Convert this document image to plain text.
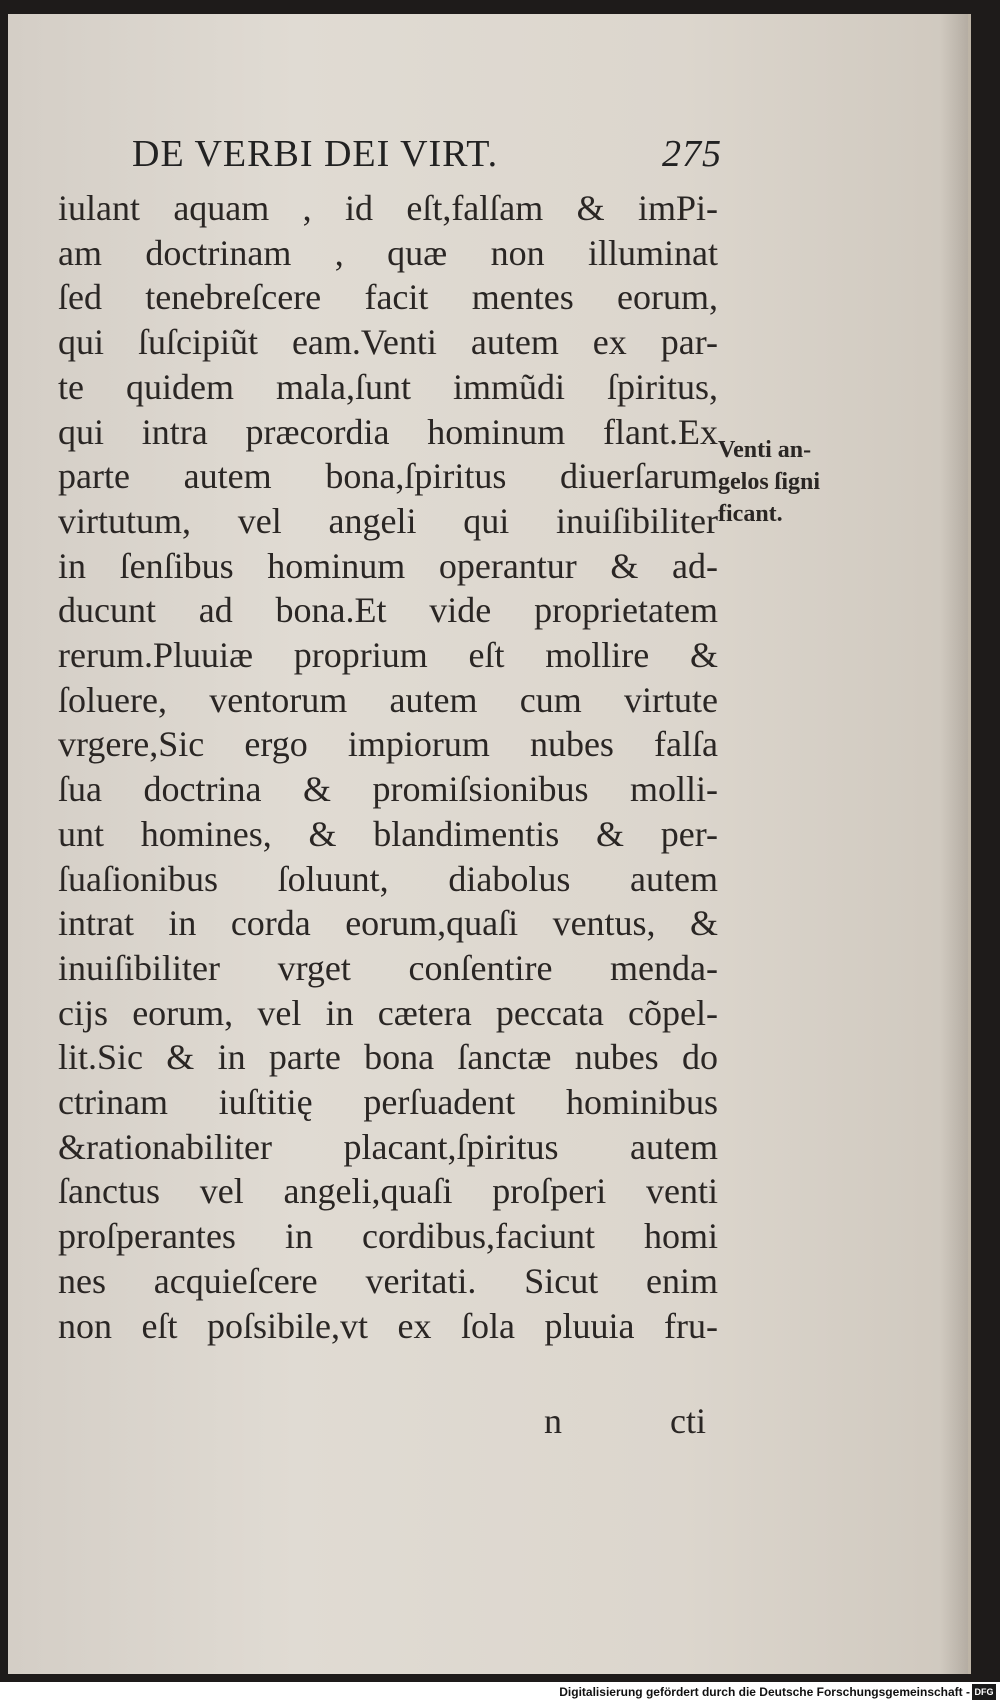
DE VERBI DEI VIRT.	275
iulant aquam , id eſt,falſam & imPi-
am doctrinam , quæ non illuminat
ſed tenebreſcere facit mentes eorum,
qui ſuſcipiũt eam.Venti autem ex par-
te quidem mala,ſunt immũdi ſpiritus,
qui intra præcordia hominum flant.Ex
parte autem bona,ſpiritus diuerſarum
virtutum, vel angeli qui inuiſibiliter
in ſenſibus hominum operantur & ad-
ducunt ad bona.Et vide proprietatem
rerum.Pluuiæ proprium eſt mollire &
ſoluere, ventorum autem cum virtute
vrgere,Sic ergo impiorum nubes falſa
ſua doctrina & promiſsionibus molli-
unt homines, & blandimentis & per-
ſuaſionibus ſoluunt, diabolus autem
intrat in corda eorum,quaſi ventus, &
inuiſibiliter vrget conſentire menda-
cijs eorum, vel in cætera peccata cõpel-
lit.Sic & in parte bona ſanctæ nubes do
ctrinam iuſtitię perſuadent hominibus
&rationabiliter placant,ſpiritus autem
ſanctus vel angeli,quaſi proſperi venti
proſperantes in cordibus,faciunt homi
nes acquieſcere veritati. Sicut enim
non eſt poſsibile,vt ex ſola pluuia fru-
Venti an-
gelos ſigni
ficant.
n	cti
Digitalisierung gefördert durch die Deutsche Forschungsgemeinschaft - DFG
